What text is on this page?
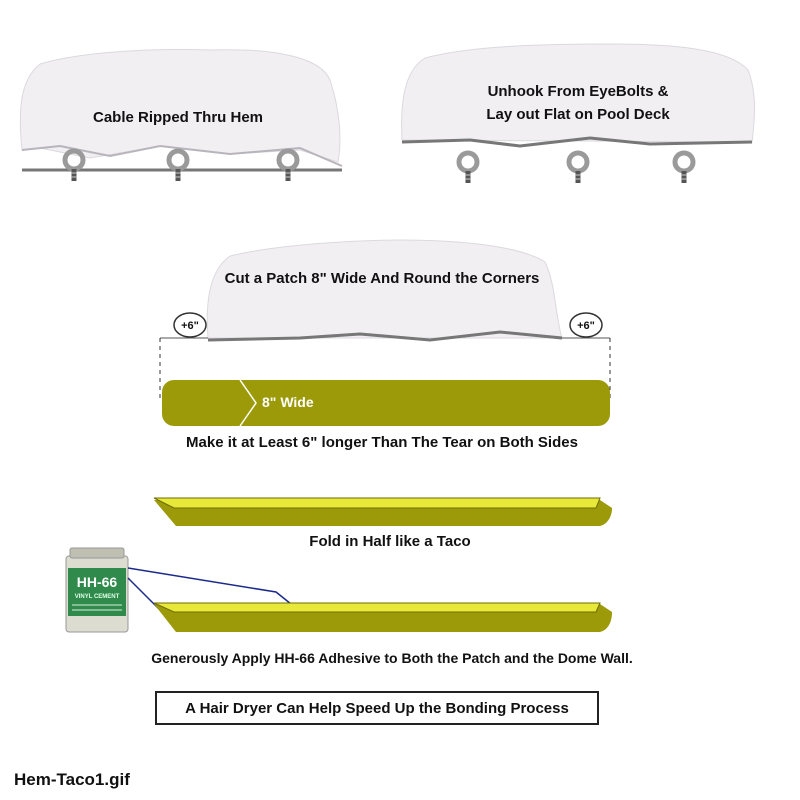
Cable Ripped Thru Hem
Unhook From EyeBolts &
Lay out Flat on Pool Deck
Cut a Patch 8" Wide And Round the Corners
+6"	+6"
8" Wide
Make it at Least 6" longer Than The Tear on Both Sides
Fold in Half like a Taco
HH-66
VINYL CEMENT
Generously Apply HH-66 Adhesive to Both the Patch and the Dome Wall.
A Hair Dryer Can Help Speed Up the Bonding Process
Hem-Taco1.gif
